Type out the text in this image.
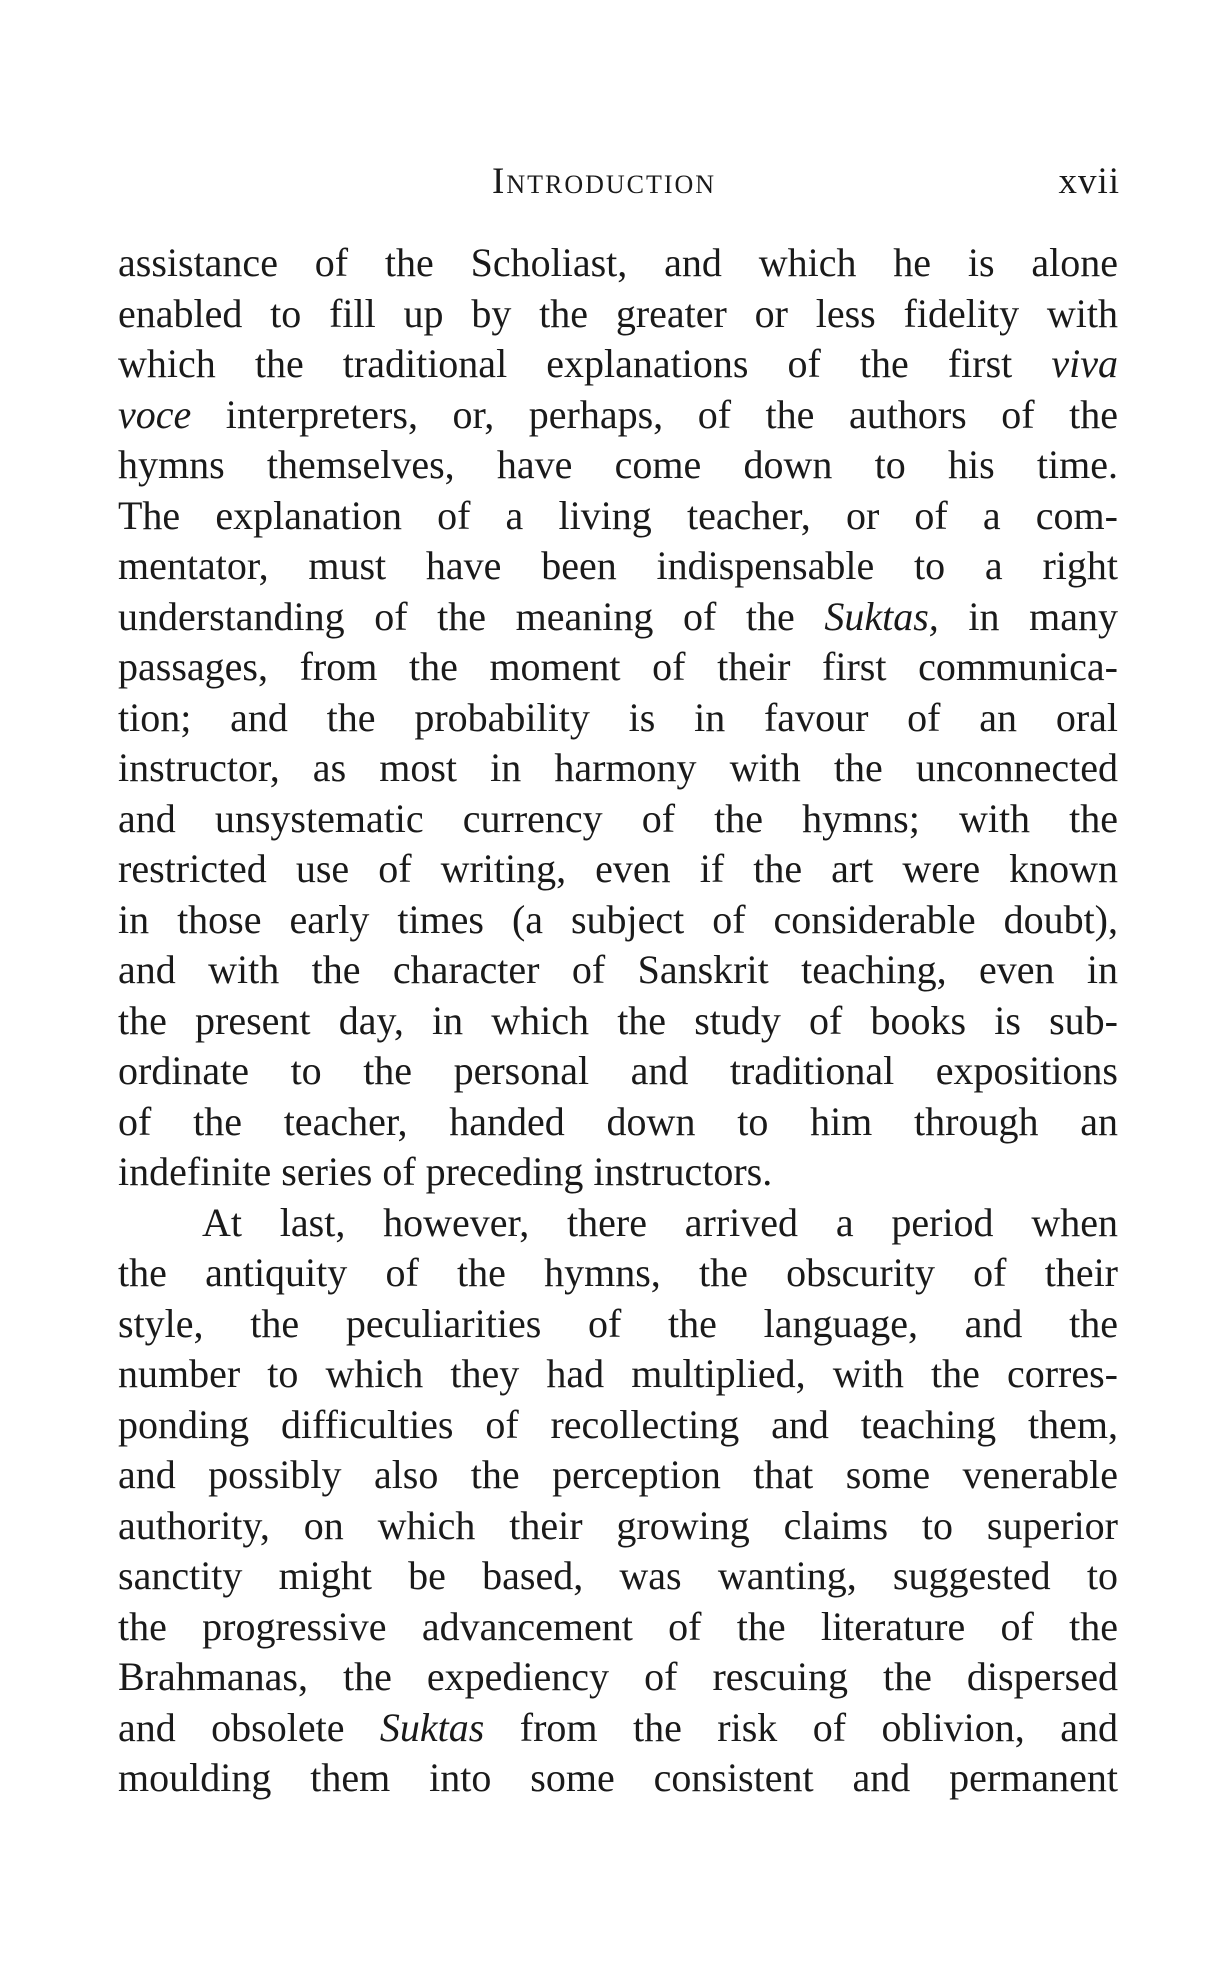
Introduction	xvii
assistance of the Scholiast, and which he is alone
enabled to fill up by the greater or less fidelity with
which the traditional explanations of the first viva
voce interpreters, or, perhaps, of the authors of the
hymns themselves, have come down to his time.
The explanation of a living teacher, or of a com-
mentator, must have been indispensable to a right
understanding of the meaning of the Suktas, in many
passages, from the moment of their first communica-
tion; and the probability is in favour of an oral
instructor, as most in harmony with the unconnected
and unsystematic currency of the hymns; with the
restricted use of writing, even if the art were known
in those early times (a subject of considerable doubt),
and with the character of Sanskrit teaching, even in
the present day, in which the study of books is sub-
ordinate to the personal and traditional expositions
of the teacher, handed down to him through an
indefinite series of preceding instructors.
At last, however, there arrived a period when
the antiquity of the hymns, the obscurity of their
style, the peculiarities of the language, and the
number to which they had multiplied, with the corres-
ponding difficulties of recollecting and teaching them,
and possibly also the perception that some venerable
authority, on which their growing claims to superior
sanctity might be based, was wanting, suggested to
the progressive advancement of the literature of the
Brahmanas, the expediency of rescuing the dispersed
and obsolete Suktas from the risk of oblivion, and
moulding them into some consistent and permanent
